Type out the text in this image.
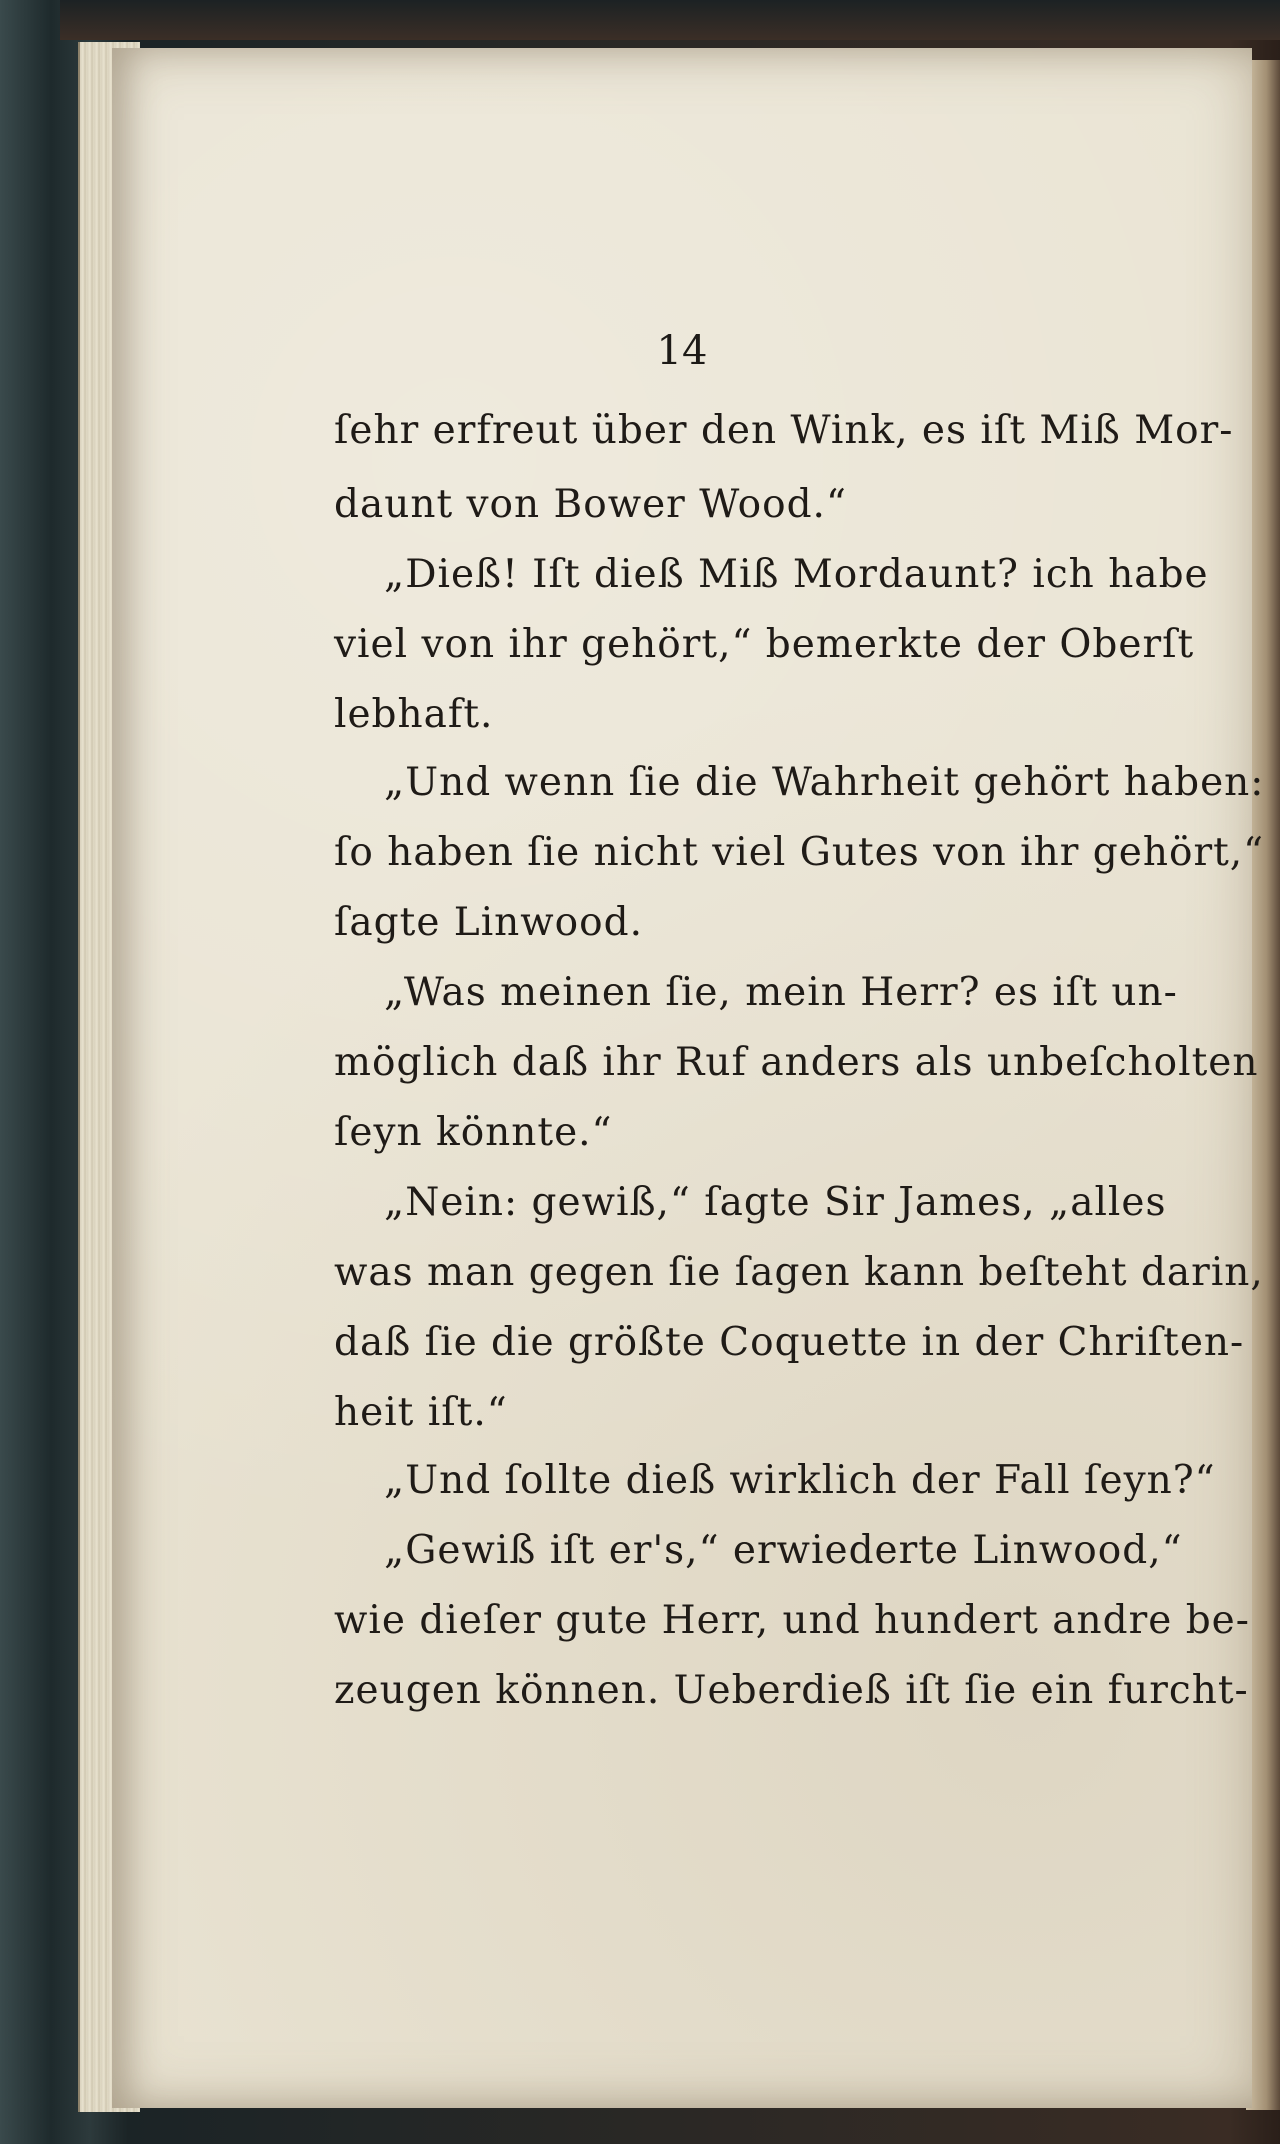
14
ſehr erfreut über den Wink, es iſt Miß Mor-
daunt von Bower Wood.“
„Dieß! Iſt dieß Miß Mordaunt? ich habe
viel von ihr gehört,“ bemerkte der Oberſt
lebhaft.
„Und wenn ſie die Wahrheit gehört haben:
ſo haben ſie nicht viel Gutes von ihr gehört,“
ſagte Linwood.
„Was meinen ſie, mein Herr? es iſt un-
möglich daß ihr Ruf anders als unbeſcholten
ſeyn könnte.“
„Nein: gewiß,“ ſagte Sir James, „alles
was man gegen ſie ſagen kann beſteht darin,
daß ſie die größte Coquette in der Chriſten-
heit iſt.“
„Und ſollte dieß wirklich der Fall ſeyn?“
„Gewiß iſt er's,“ erwiederte Linwood,“
wie dieſer gute Herr, und hundert andre be-
zeugen können. Ueberdieß iſt ſie ein furcht-
